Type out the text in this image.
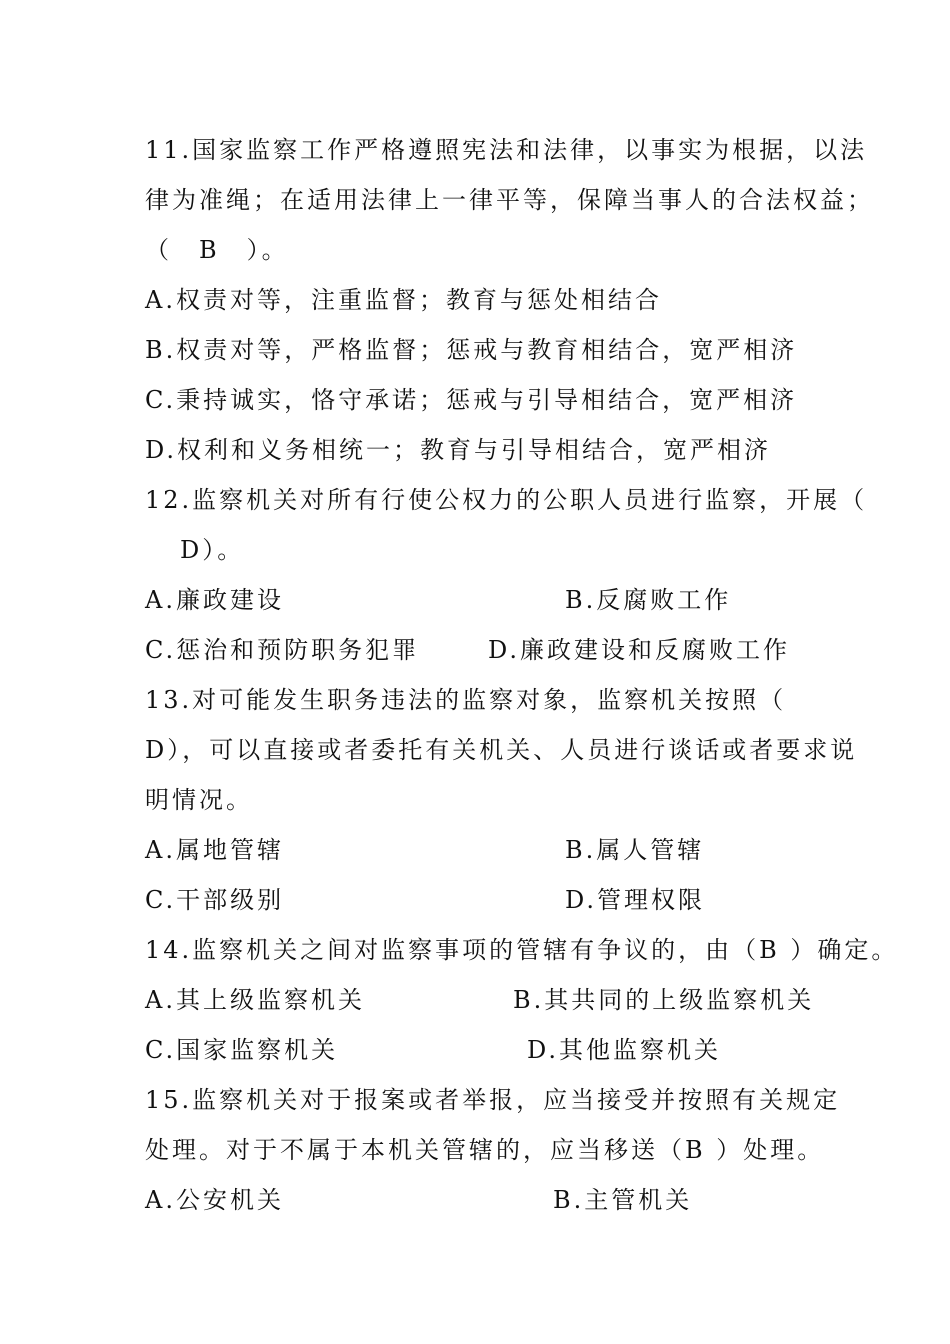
11.国家监察工作严格遵照宪法和法律，以事实为根据，以法
律为准绳；在适用法律上一律平等，保障当事人的合法权益；
（　B　）。
A.权责对等，注重监督；教育与惩处相结合
B.权责对等，严格监督；惩戒与教育相结合，宽严相济
C.秉持诚实，恪守承诺；惩戒与引导相结合，宽严相济
D.权利和义务相统一；教育与引导相结合，宽严相济
12.监察机关对所有行使公权力的公职人员进行监察，开展（
D）。
A.廉政建设	B.反腐败工作
C.惩治和预防职务犯罪	D.廉政建设和反腐败工作
13.对可能发生职务违法的监察对象，监察机关按照（
D），可以直接或者委托有关机关、人员进行谈话或者要求说
明情况。
A.属地管辖	B.属人管辖
C.干部级别	D.管理权限
14.监察机关之间对监察事项的管辖有争议的，由（B ）确定。
A.其上级监察机关	B.其共同的上级监察机关
C.国家监察机关	D.其他监察机关
15.监察机关对于报案或者举报，应当接受并按照有关规定
处理。对于不属于本机关管辖的，应当移送（B ）处理。
A.公安机关	B.主管机关
